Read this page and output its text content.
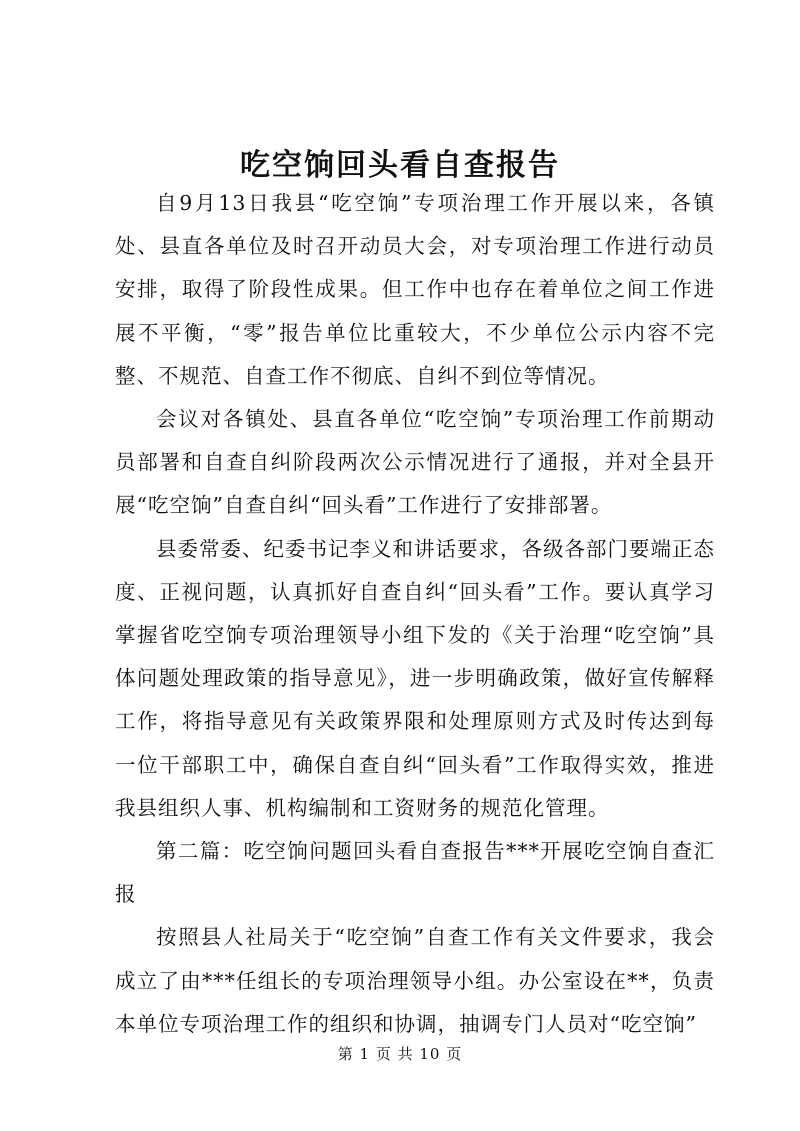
吃空饷回头看自查报告

自9月13日我县“吃空饷”专项治理工作开展以来，各镇处、县直各单位及时召开动员大会，对专项治理工作进行动员安排，取得了阶段性成果。但工作中也存在着单位之间工作进展不平衡，“零”报告单位比重较大，不少单位公示内容不完整、不规范、自查工作不彻底、自纠不到位等情况。

会议对各镇处、县直各单位“吃空饷”专项治理工作前期动员部署和自查自纠阶段两次公示情况进行了通报，并对全县开展“吃空饷”自查自纠“回头看”工作进行了安排部署。

县委常委、纪委书记李义和讲话要求，各级各部门要端正态度、正视问题，认真抓好自查自纠“回头看”工作。要认真学习掌握省吃空饷专项治理领导小组下发的《关于治理“吃空饷”具体问题处理政策的指导意见》，进一步明确政策，做好宣传解释工作，将指导意见有关政策界限和处理原则方式及时传达到每一位干部职工中，确保自查自纠“回头看”工作取得实效，推进我县组织人事、机构编制和工资财务的规范化管理。

第二篇：吃空饷问题回头看自查报告***开展吃空饷自查汇报

按照县人社局关于“吃空饷”自查工作有关文件要求，我会成立了由***任组长的专项治理领导小组。办公室设在**，负责本单位专项治理工作的组织和协调，抽调专门人员对“吃空饷”

第 1 页 共 10 页
